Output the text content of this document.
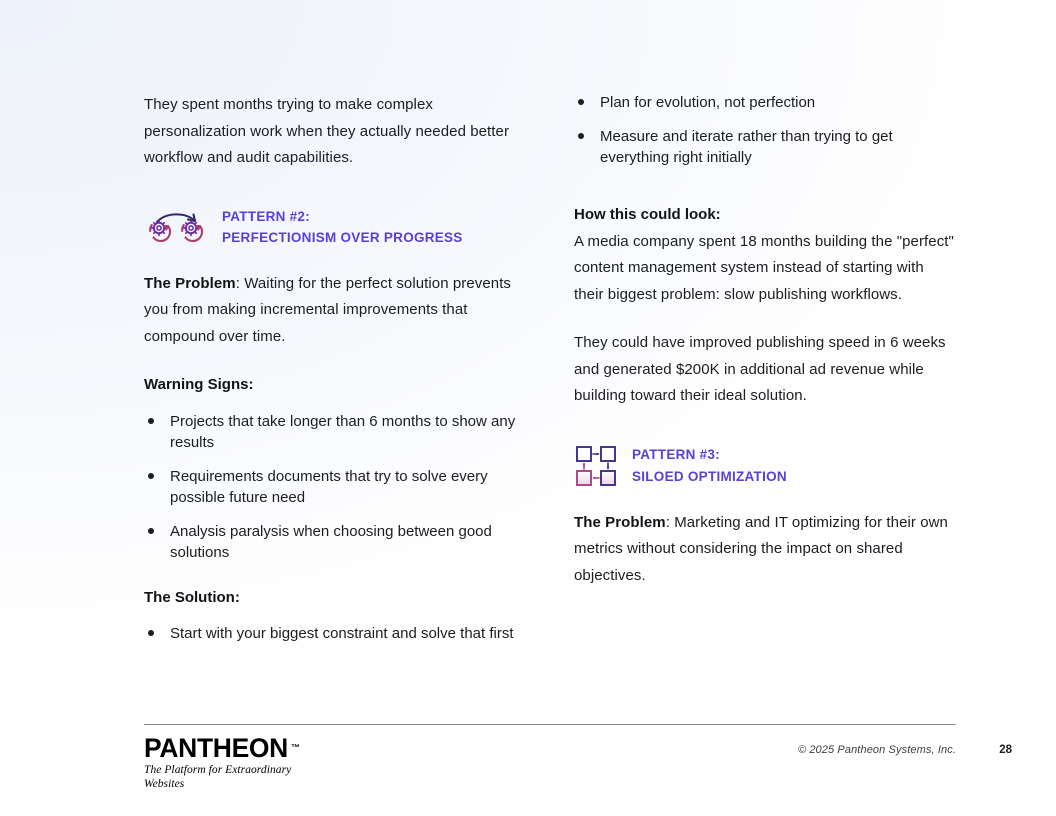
They spent months trying to make complex personalization work when they actually needed better workflow and audit capabilities.

PATTERN #2:
PERFECTIONISM OVER PROGRESS

The Problem: Waiting for the perfect solution prevents you from making incremental improvements that compound over time.

Warning Signs:

Projects that take longer than 6 months to show any results
Requirements documents that try to solve every possible future need
Analysis paralysis when choosing between good solutions

The Solution:

Start with your biggest constraint and solve that first
Plan for evolution, not perfection
Measure and iterate rather than trying to get everything right initially

How this could look:

A media company spent 18 months building the "perfect" content management system instead of starting with their biggest problem: slow publishing workflows.

They could have improved publishing speed in 6 weeks and generated $200K in additional ad revenue while building toward their ideal solution.

PATTERN #3:
SILOED OPTIMIZATION

The Problem: Marketing and IT optimizing for their own metrics without considering the impact on shared objectives.

PANTHEON ™
The Platform for Extraordinary Websites
© 2025 Pantheon Systems, Inc.	28
